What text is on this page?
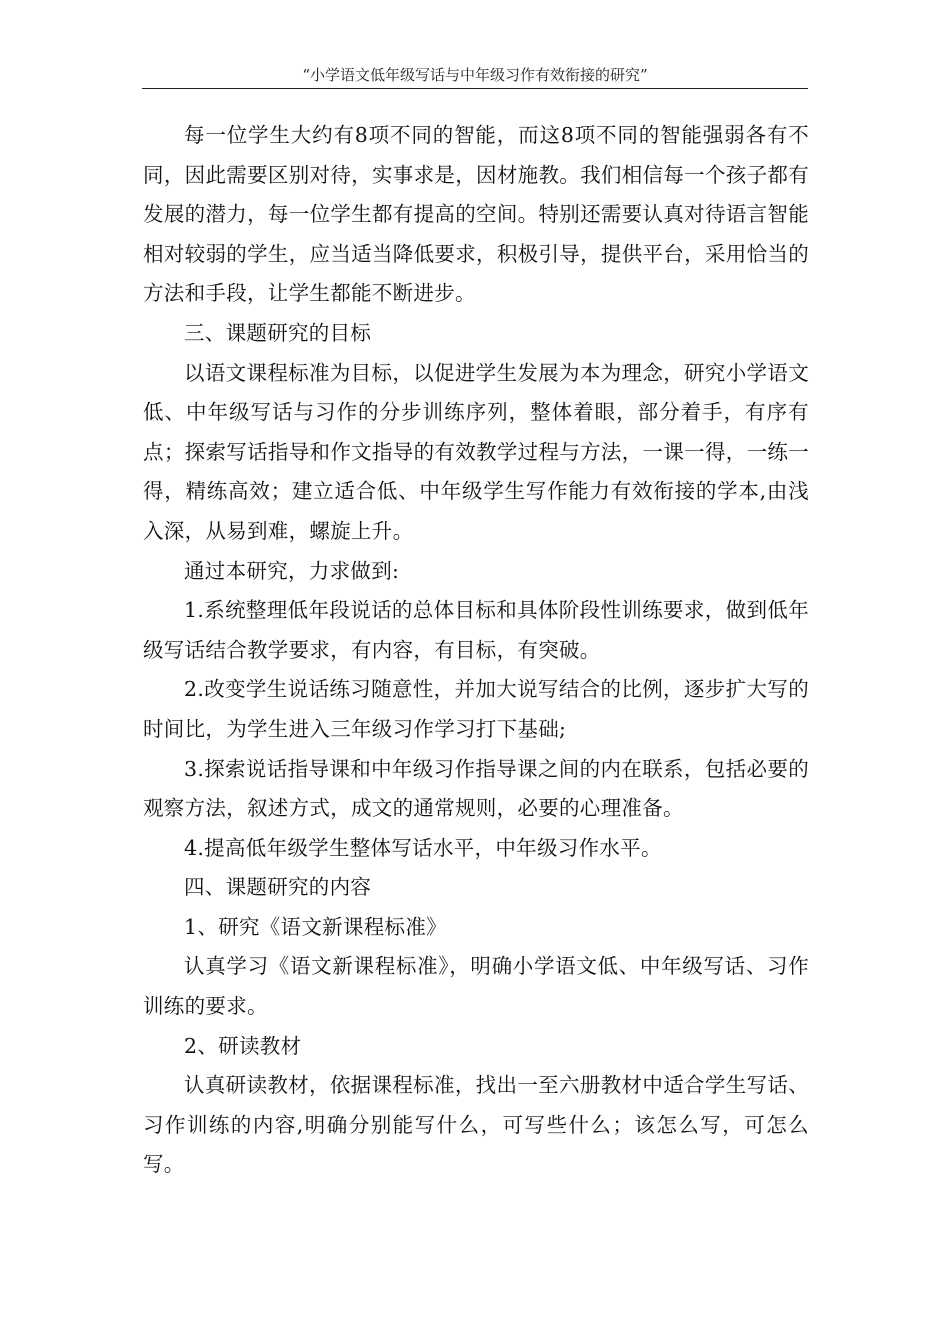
“小学语文低年级写话与中年级习作有效衔接的研究”

每一位学生大约有8项不同的智能，而这8项不同的智能强弱各有不同，因此需要区别对待，实事求是，因材施教。我们相信每一个孩子都有发展的潜力，每一位学生都有提高的空间。特别还需要认真对待语言智能相对较弱的学生，应当适当降低要求，积极引导，提供平台，采用恰当的方法和手段，让学生都能不断进步。

三、课题研究的目标

以语文课程标准为目标，以促进学生发展为本为理念，研究小学语文低、中年级写话与习作的分步训练序列，整体着眼，部分着手，有序有点；探索写话指导和作文指导的有效教学过程与方法，一课一得，一练一得，精练高效；建立适合低、中年级学生写作能力有效衔接的学本,由浅入深，从易到难，螺旋上升。

通过本研究，力求做到:

1.系统整理低年段说话的总体目标和具体阶段性训练要求，做到低年级写话结合教学要求，有内容，有目标，有突破。

2.改变学生说话练习随意性，并加大说写结合的比例，逐步扩大写的时间比，为学生进入三年级习作学习打下基础;

3.探索说话指导课和中年级习作指导课之间的内在联系，包括必要的观察方法，叙述方式，成文的通常规则，必要的心理准备。

4.提高低年级学生整体写话水平，中年级习作水平。

四、课题研究的内容

1、研究《语文新课程标准》

认真学习《语文新课程标准》，明确小学语文低、中年级写话、习作训练的要求。

2、研读教材

认真研读教材，依据课程标准，找出一至六册教材中适合学生写话、习作训练的内容,明确分别能写什么，可写些什么；该怎么写，可怎么写。
